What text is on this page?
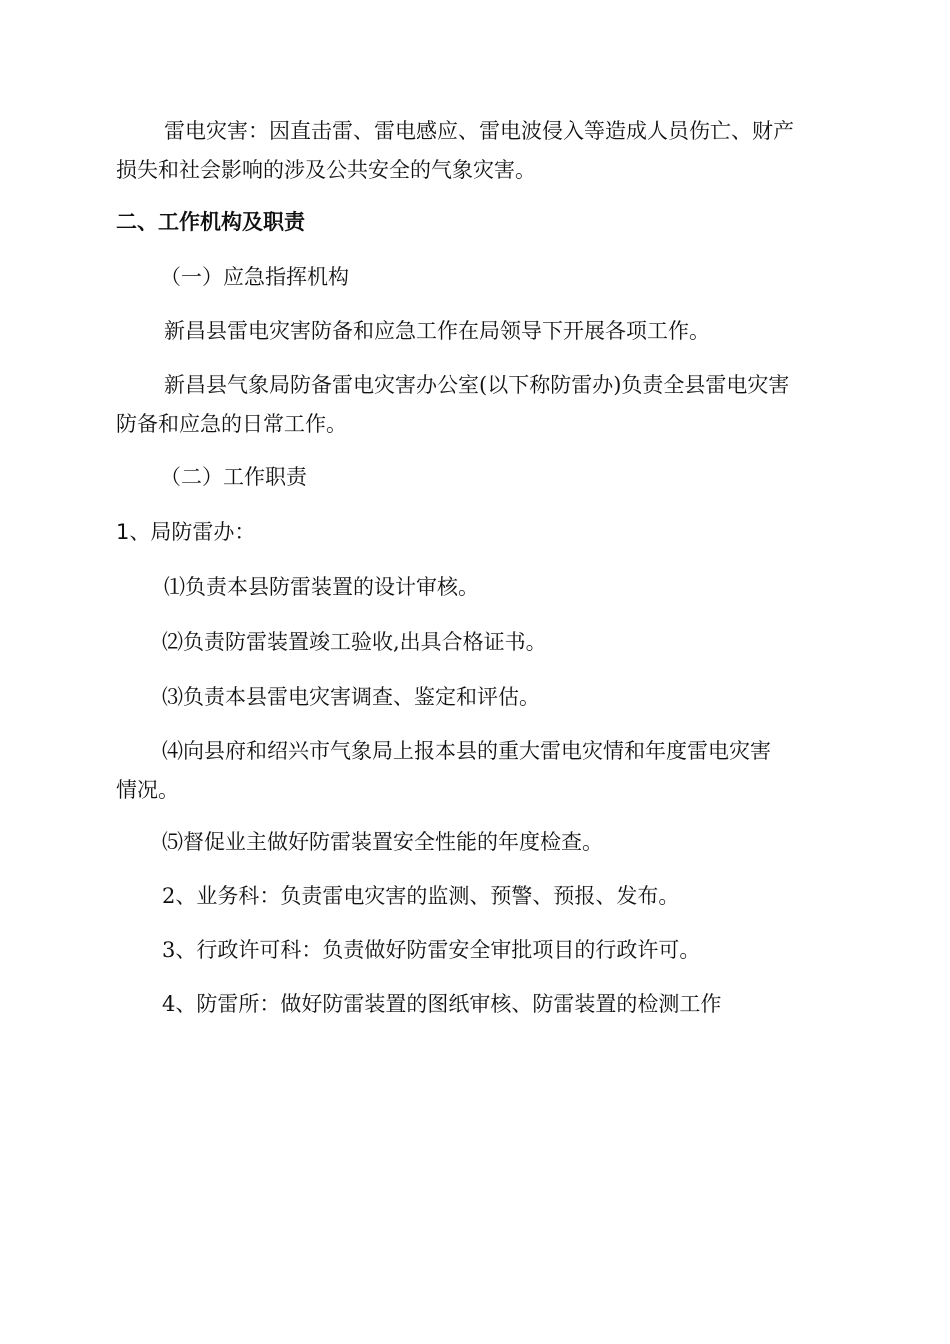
雷电灾害：因直击雷、雷电感应、雷电波侵入等造成人员伤亡、财产

损失和社会影响的涉及公共安全的气象灾害。

二、工作机构及职责

（一）应急指挥机构

新昌县雷电灾害防备和应急工作在局领导下开展各项工作。

新昌县气象局防备雷电灾害办公室(以下称防雷办)负责全县雷电灾害

防备和应急的日常工作。

（二）工作职责

1、局防雷办：

⑴负责本县防雷装置的设计审核。

⑵负责防雷装置竣工验收,出具合格证书。

⑶负责本县雷电灾害调查、鉴定和评估。

⑷向县府和绍兴市气象局上报本县的重大雷电灾情和年度雷电灾害

情况。

⑸督促业主做好防雷装置安全性能的年度检查。

2、业务科：负责雷电灾害的监测、预警、预报、发布。

3、行政许可科：负责做好防雷安全审批项目的行政许可。

4、防雷所：做好防雷装置的图纸审核、防雷装置的检测工作
